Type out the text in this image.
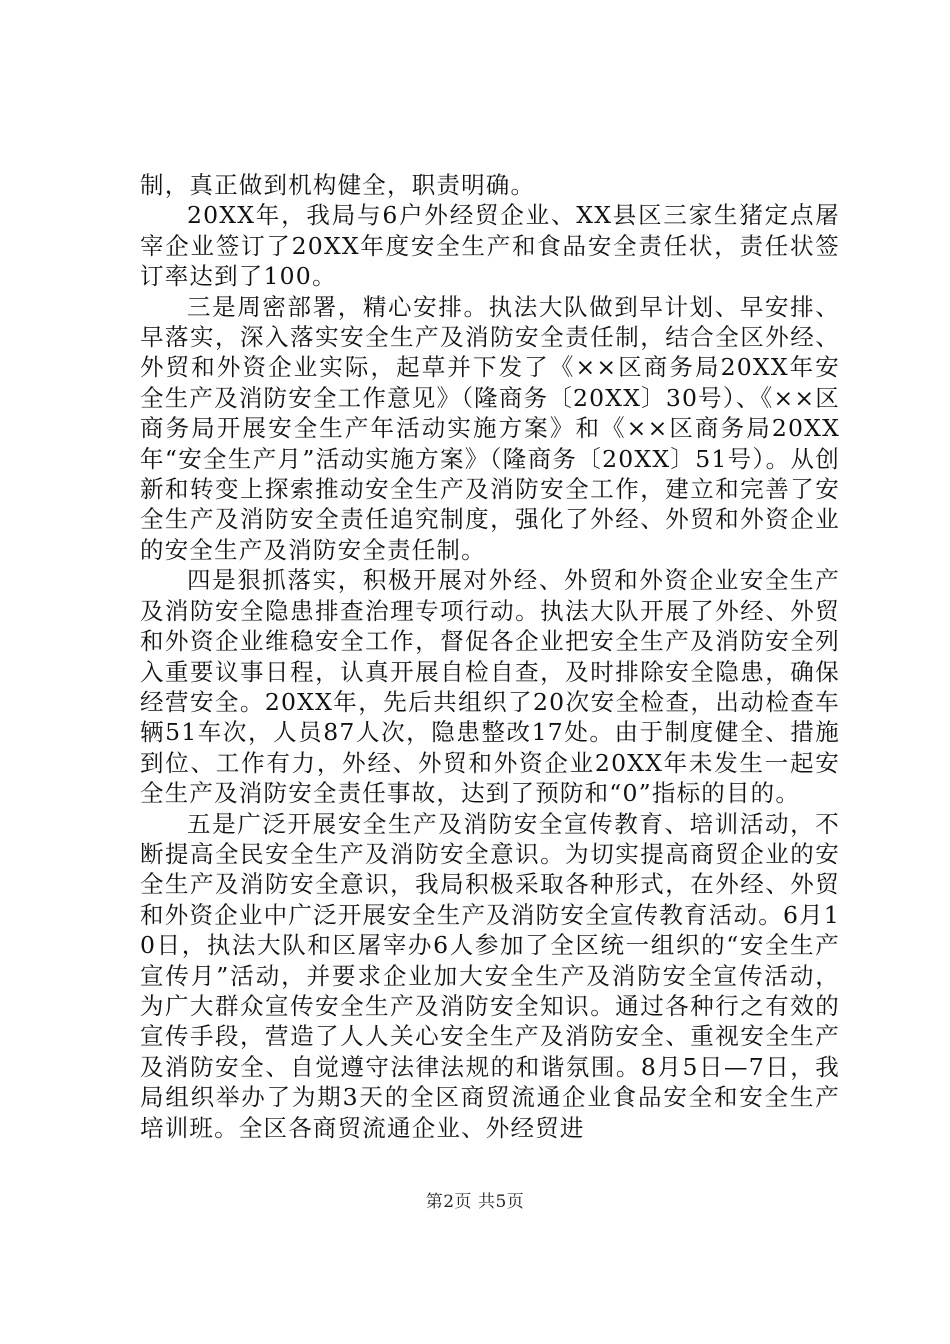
制，真正做到机构健全，职责明确。

20XX年，我局与6户外经贸企业、XX县区三家生猪定点屠宰企业签订了20XX年度安全生产和食品安全责任状，责任状签订率达到了100。

三是周密部署，精心安排。执法大队做到早计划、早安排、早落实，深入落实安全生产及消防安全责任制，结合全区外经、外贸和外资企业实际，起草并下发了《××区商务局20XX年安全生产及消防安全工作意见》（隆商务〔20XX〕30号）、《××区商务局开展安全生产年活动实施方案》和《××区商务局20XX年“安全生产月”活动实施方案》（隆商务〔20XX〕51号）。从创新和转变上探索推动安全生产及消防安全工作，建立和完善了安全生产及消防安全责任追究制度，强化了外经、外贸和外资企业的安全生产及消防安全责任制。

四是狠抓落实，积极开展对外经、外贸和外资企业安全生产及消防安全隐患排查治理专项行动。执法大队开展了外经、外贸和外资企业维稳安全工作，督促各企业把安全生产及消防安全列入重要议事日程，认真开展自检自查，及时排除安全隐患，确保经营安全。20XX年，先后共组织了20次安全检查，出动检查车辆51车次，人员87人次，隐患整改17处。由于制度健全、措施到位、工作有力，外经、外贸和外资企业20XX年未发生一起安全生产及消防安全责任事故，达到了预防和“0”指标的目的。

五是广泛开展安全生产及消防安全宣传教育、培训活动，不断提高全民安全生产及消防安全意识。为切实提高商贸企业的安全生产及消防安全意识，我局积极采取各种形式，在外经、外贸和外资企业中广泛开展安全生产及消防安全宣传教育活动。6月10日，执法大队和区屠宰办6人参加了全区统一组织的“安全生产宣传月”活动，并要求企业加大安全生产及消防安全宣传活动，为广大群众宣传安全生产及消防安全知识。通过各种行之有效的宣传手段，营造了人人关心安全生产及消防安全、重视安全生产及消防安全、自觉遵守法律法规的和谐氛围。8月5日—7日，我局组织举办了为期3天的全区商贸流通企业食品安全和安全生产培训班。全区各商贸流通企业、外经贸进

第2页 共5页
